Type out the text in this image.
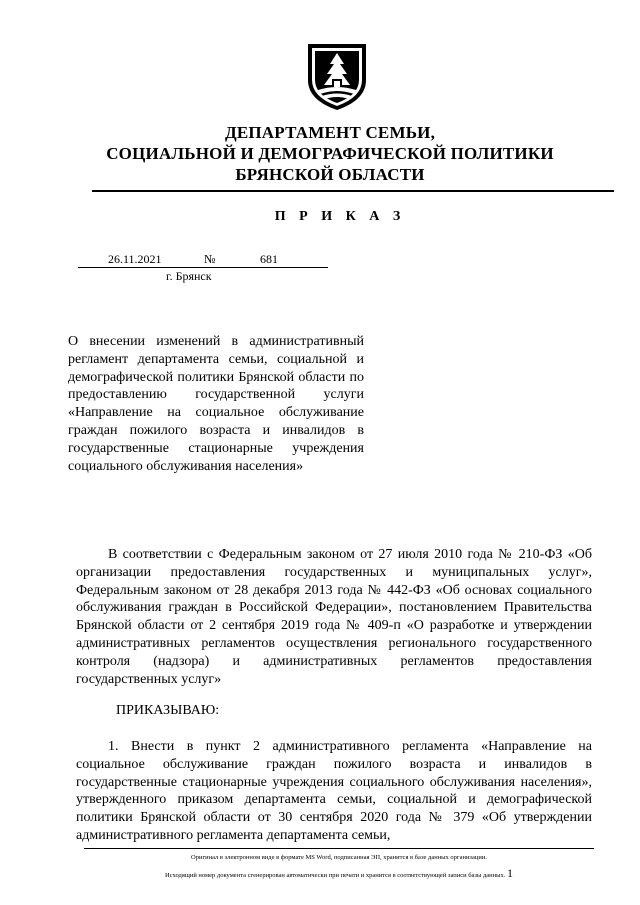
ДЕПАРТАМЕНТ СЕМЬИ,
СОЦИАЛЬНОЙ И ДЕМОГРАФИЧЕСКОЙ ПОЛИТИКИ
БРЯНСКОЙ ОБЛАСТИ
П Р И К А З
26.11.2021	№	681
г. Брянск
О внесении изменений в административный регламент департамента семьи, социальной и демографической политики Брянской области по предоставлению государственной услуги «Направление на социальное обслуживание граждан пожилого возраста и инвалидов в государственные стационарные учреждения социального обслуживания населения»
В соответствии с Федеральным законом от 27 июля 2010 года № 210-ФЗ «Об организации предоставления государственных и муниципальных услуг», Федеральным законом от 28 декабря 2013 года № 442-ФЗ «Об основах социального обслуживания граждан в Российской Федерации», постановлением Правительства Брянской области от 2 сентября 2019 года № 409-п «О разработке и утверждении административных регламентов осуществления регионального государственного контроля (надзора) и административных регламентов предоставления государственных услуг»
ПРИКАЗЫВАЮ:
1. Внести в пункт 2 административного регламента «Направление на социальное обслуживание граждан пожилого возраста и инвалидов в государственные стационарные учреждения социального обслуживания населения», утвержденного приказом департамента семьи, социальной и демографической политики Брянской области от 30 сентября 2020 года № 379 «Об утверждении административного регламента департамента семьи,
Оригинал в электронном виде в формате MS Word, подписанная ЭП, хранится в базе данных организации.
Исходящий номер документа сгенерирован автоматически при печати и хранится в соответствующей записи базы данных. 1
